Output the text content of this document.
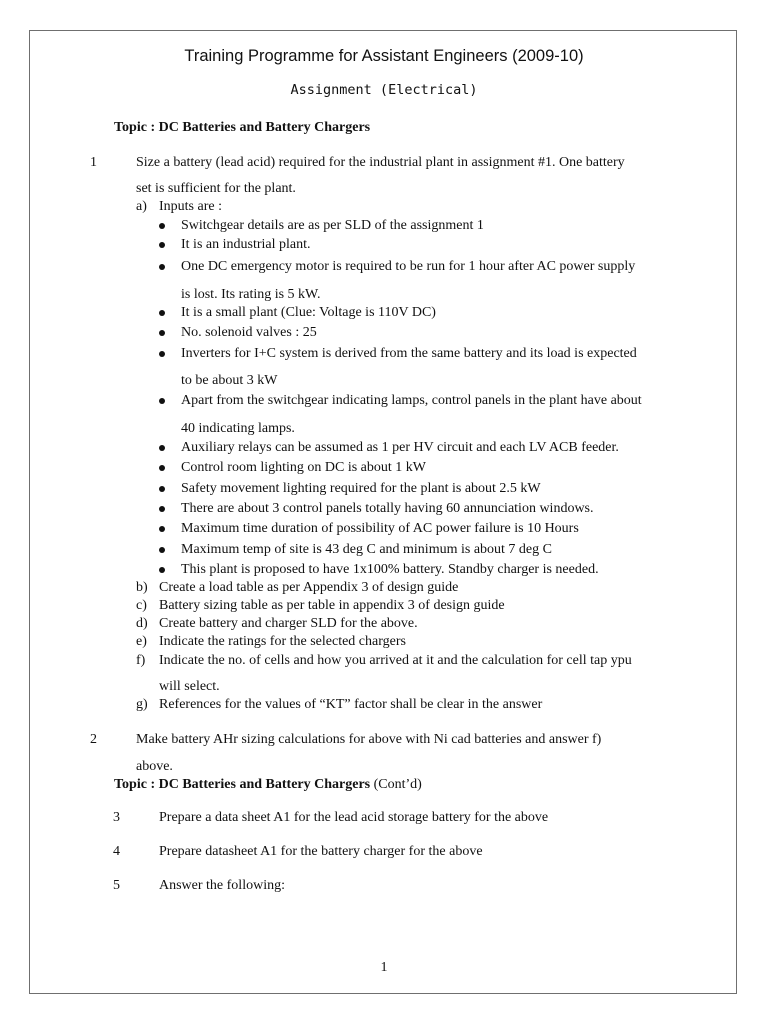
Training Programme for Assistant Engineers (2009-10)
Assignment (Electrical)
Topic : DC Batteries and Battery Chargers
1	Size a battery (lead acid) required for the industrial plant in assignment #1. One battery
set is sufficient for the plant.
a) Inputs are :
Switchgear details are as per SLD of the assignment 1
It is an industrial plant.
One DC emergency motor is required to be run for 1 hour after AC power supply
is lost. Its rating is 5 kW.
It is a small plant (Clue: Voltage is 110V DC)
No. solenoid valves : 25
Inverters for I+C system is derived from the same battery and its load is expected
to be about 3 kW
Apart from the switchgear indicating lamps, control panels in the plant have about
40 indicating lamps.
Auxiliary relays can be assumed as 1 per HV circuit and each LV ACB feeder.
Control room lighting on DC is about 1 kW
Safety movement lighting required for the plant is about 2.5 kW
There are about 3 control panels totally having 60 annunciation windows.
Maximum time duration of possibility of AC power failure is 10 Hours
Maximum temp of site is 43 deg C and minimum is about 7 deg C
This plant is proposed to have 1x100% battery. Standby charger is needed.
b) Create a load table as per Appendix 3 of design guide
c) Battery sizing table as per table in appendix 3 of design guide
d) Create battery and charger SLD for the above.
e) Indicate the ratings for the selected chargers
f) Indicate the no. of cells and how you arrived at it and the calculation for cell tap ypu
will select.
g) References for the values of “KT” factor shall be clear in the answer
2	Make battery AHr sizing calculations for above with Ni cad batteries and answer f)
above.
Topic : DC Batteries and Battery Chargers (Cont’d)
3	Prepare a data sheet A1 for the lead acid storage battery for the above
4	Prepare datasheet A1 for the battery charger for the above
5	Answer the following:
1
